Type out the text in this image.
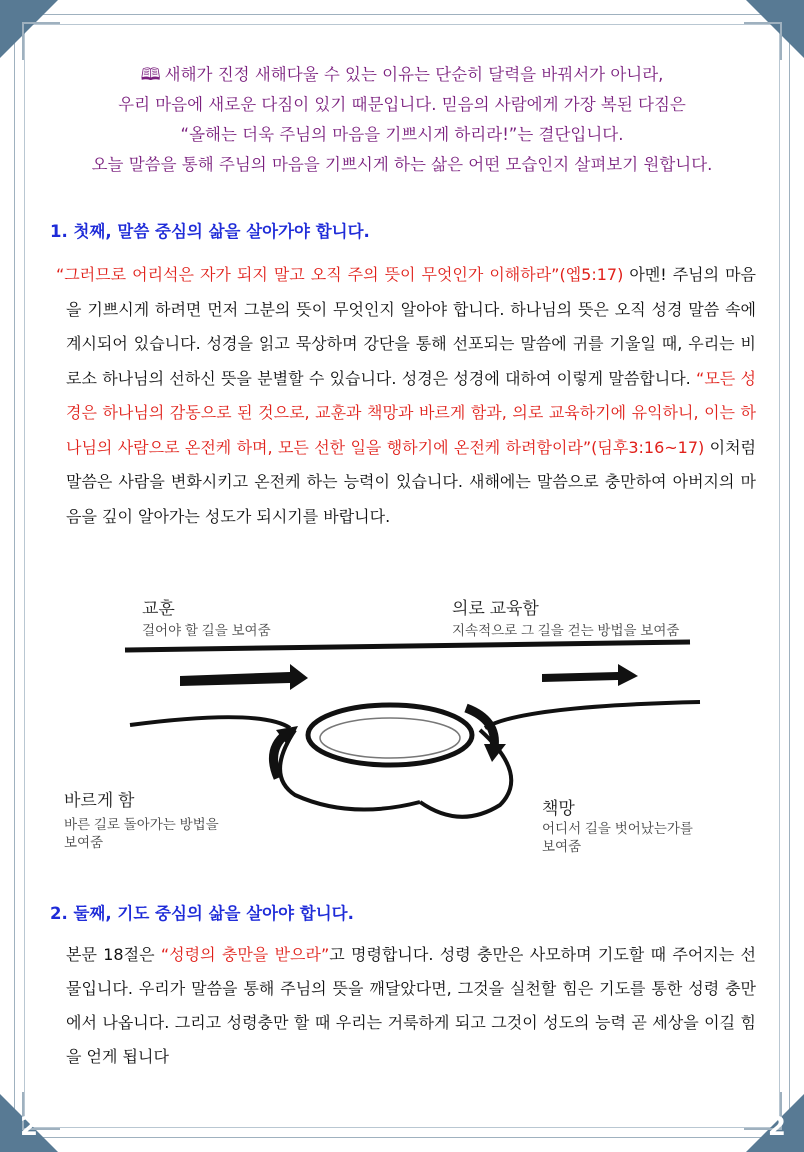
2	2
🕮 새해가 진정 새해다울 수 있는 이유는 단순히 달력을 바꿔서가 아니라,
우리 마음에 새로운 다짐이 있기 때문입니다. 믿음의 사람에게 가장 복된 다짐은
“올해는 더욱 주님의 마음을 기쁘시게 하리라!”는 결단입니다.
오늘 말씀을 통해 주님의 마음을 기쁘시게 하는 삶은 어떤 모습인지 살펴보기 원합니다.
1. 첫째, 말씀 중심의 삶을 살아가야 합니다.
“그러므로 어리석은 자가 되지 말고 오직 주의 뜻이 무엇인가 이해하라”(엡5:17) 아멘! 주님의 마음을 기쁘시게 하려면 먼저 그분의 뜻이 무엇인지 알아야 합니다. 하나님의 뜻은 오직 성경 말씀 속에 계시되어 있습니다. 성경을 읽고 묵상하며 강단을 통해 선포되는 말씀에 귀를 기울일 때, 우리는 비로소 하나님의 선하신 뜻을 분별할 수 있습니다. 성경은 성경에 대하여 이렇게 말씀합니다. “모든 성경은 하나님의 감동으로 된 것으로, 교훈과 책망과 바르게 함과, 의로 교육하기에 유익하니, 이는 하나님의 사람으로 온전케 하며, 모든 선한 일을 행하기에 온전케 하려함이라”(딤후3:16~17) 이처럼 말씀은 사람을 변화시키고 온전케 하는 능력이 있습니다. 새해에는 말씀으로 충만하여 아버지의 마음을 깊이 알아가는 성도가 되시기를 바랍니다.
교훈
걸어야 할 길을 보여줌
의로 교육함
지속적으로 그 길을 걷는 방법을 보여줌
바르게 함
바른 길로 돌아가는 방법을
보여줌
책망
어디서 길을 벗어났는가를
보여줌
2. 둘째, 기도 중심의 삶을 살아야 합니다.
본문 18절은 “성령의 충만을 받으라”고 명령합니다. 성령 충만은 사모하며 기도할 때 주어지는 선물입니다. 우리가 말씀을 통해 주님의 뜻을 깨달았다면, 그것을 실천할 힘은 기도를 통한 성령 충만에서 나옵니다. 그리고 성령충만 할 때 우리는 거룩하게 되고 그것이 성도의 능력 곧 세상을 이길 힘을 얻게 됩니다
